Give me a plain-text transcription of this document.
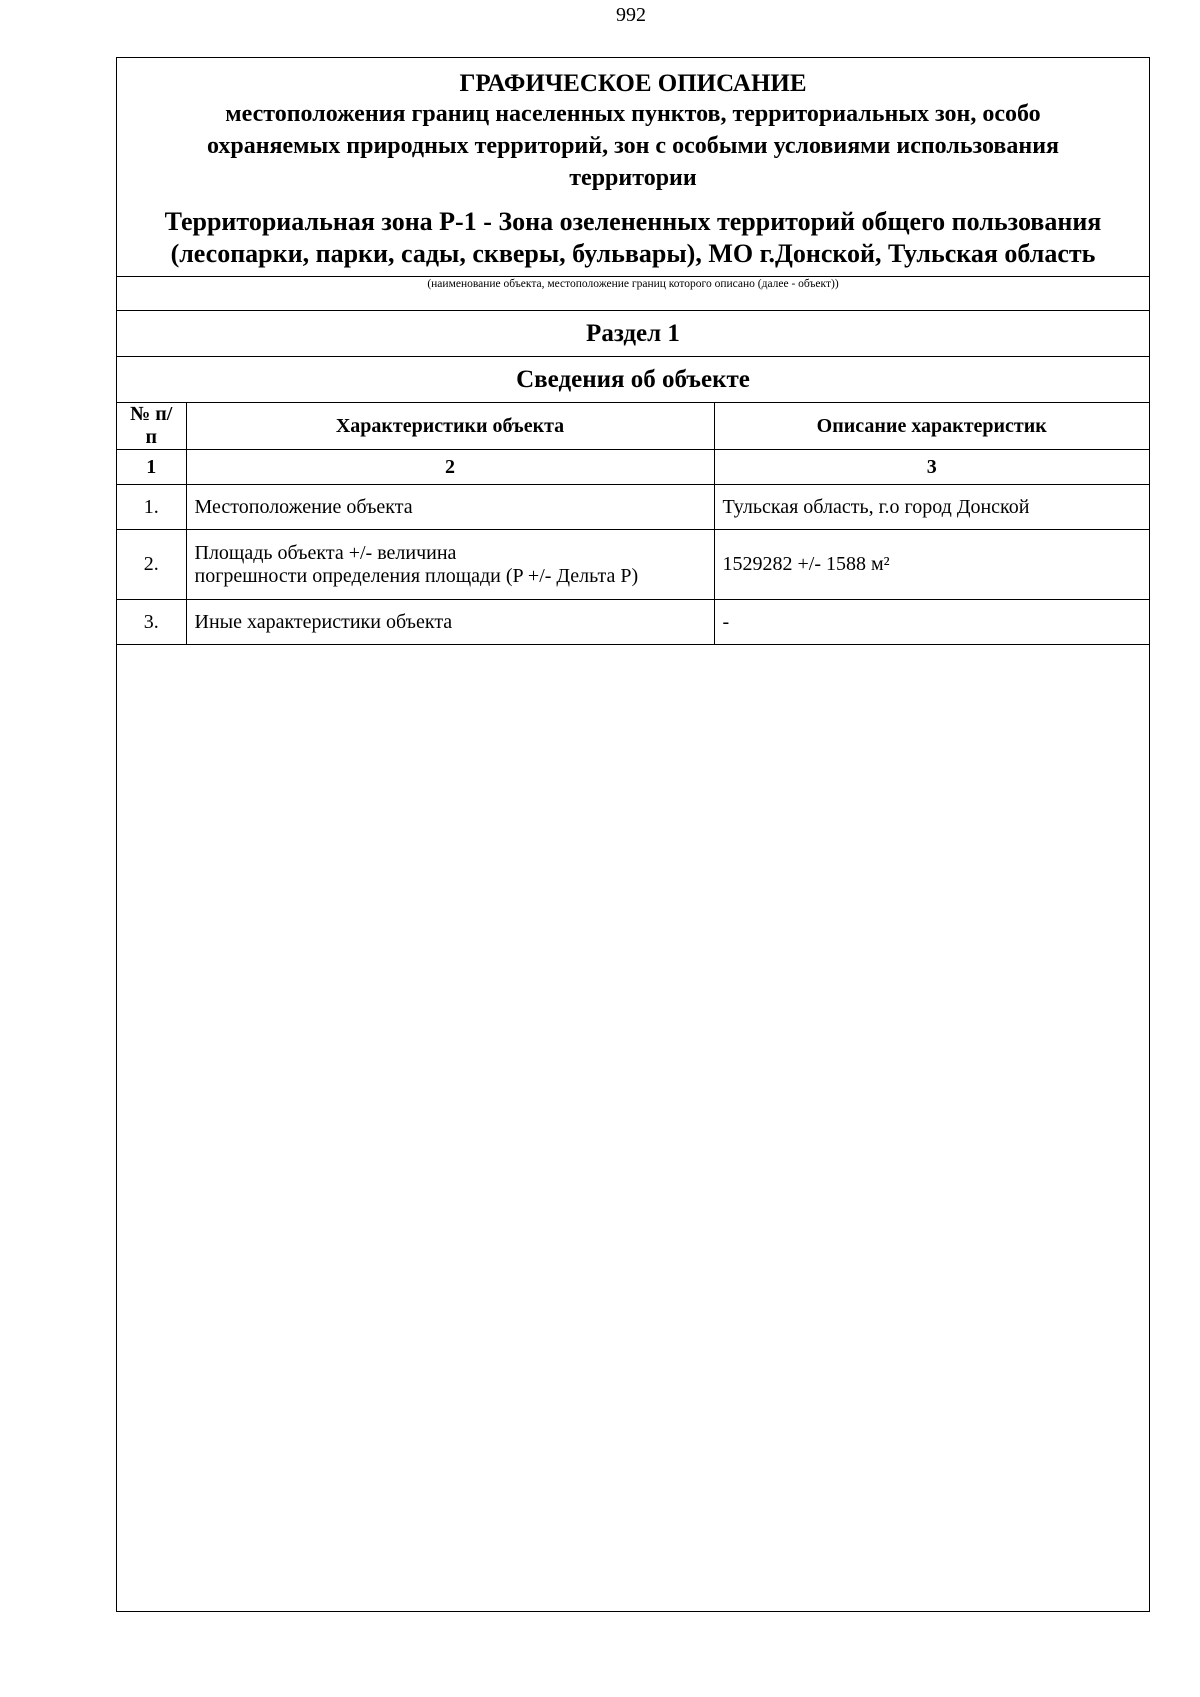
992

ГРАФИЧЕСКОЕ ОПИСАНИЕ

местоположения границ населенных пунктов, территориальных зон, особо
охраняемых природных территорий, зон с особыми условиями использования
территории

Территориальная зона Р-1 - Зона озелененных территорий общего пользования
(лесопарки, парки, сады, скверы, бульвары), МО г.Донской, Тульская область

(наименование объекта, местоположение границ которого описано (далее - объект))
Раздел 1
Сведения об объекте
№ п/п	Характеристики объекта	Описание характеристик
1	2	3
1.	Местоположение объекта	Тульская область, г.о город Донской
2.	Площадь объекта +/- величина
погрешности определения площади (P +/- Дельта P)	1529282 +/- 1588 м²
3.	Иные характеристики объекта	-
